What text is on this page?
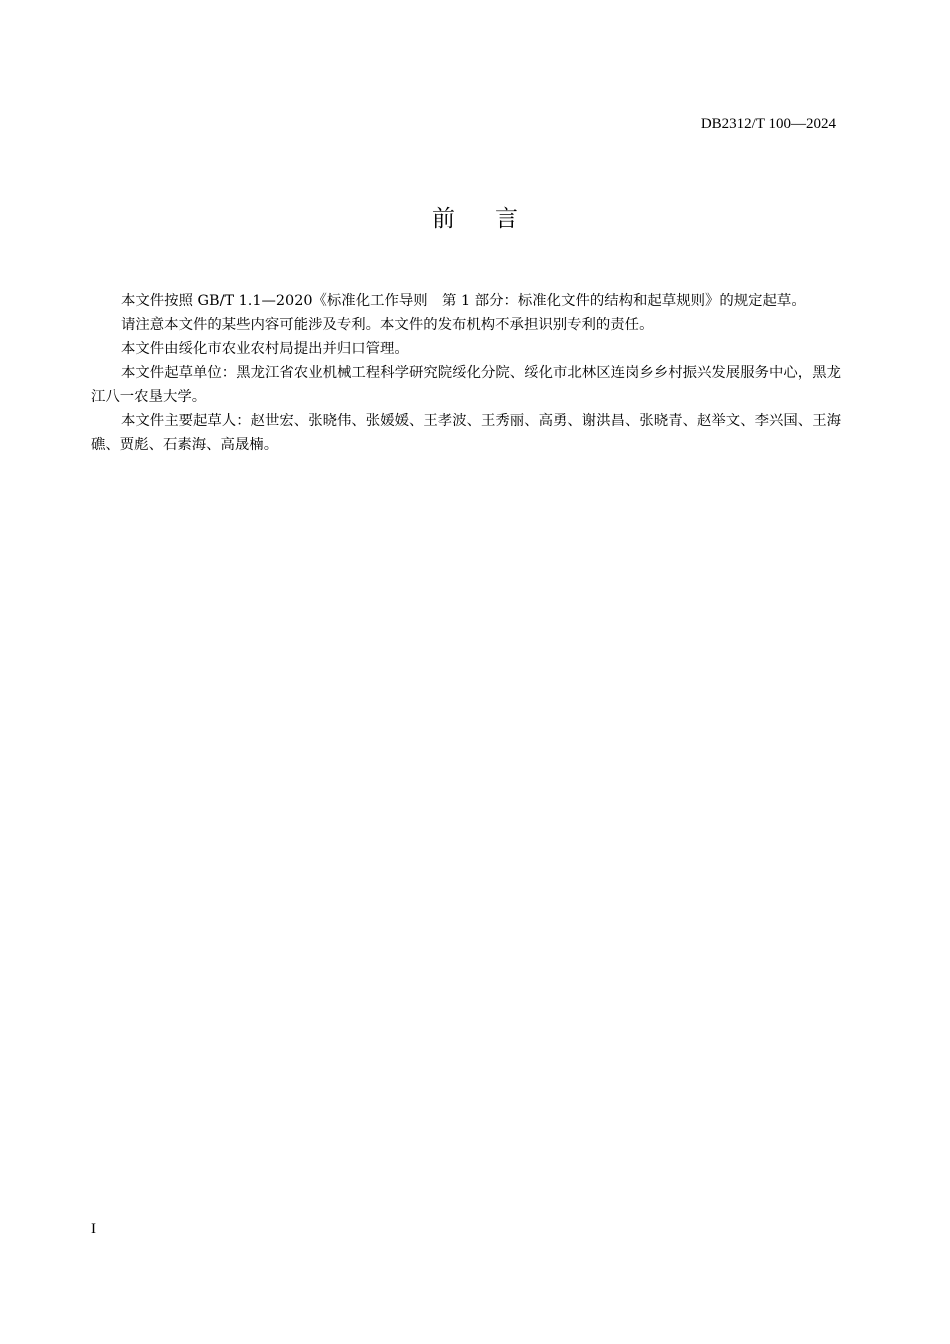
DB2312/T 100—2024
前言

本文件按照 GB/T 1.1—2020《标准化工作导则　第 1 部分：标准化文件的结构和起草规则》的规定起草。

请注意本文件的某些内容可能涉及专利。本文件的发布机构不承担识别专利的责任。

本文件由绥化市农业农村局提出并归口管理。

本文件起草单位：黑龙江省农业机械工程科学研究院绥化分院、绥化市北林区连岗乡乡村振兴发展服务中心，黑龙江八一农垦大学。

本文件主要起草人：赵世宏、张晓伟、张媛媛、王孝波、王秀丽、高勇、谢洪昌、张晓青、赵举文、李兴国、王海礁、贾彪、石素海、高晟楠。

I
